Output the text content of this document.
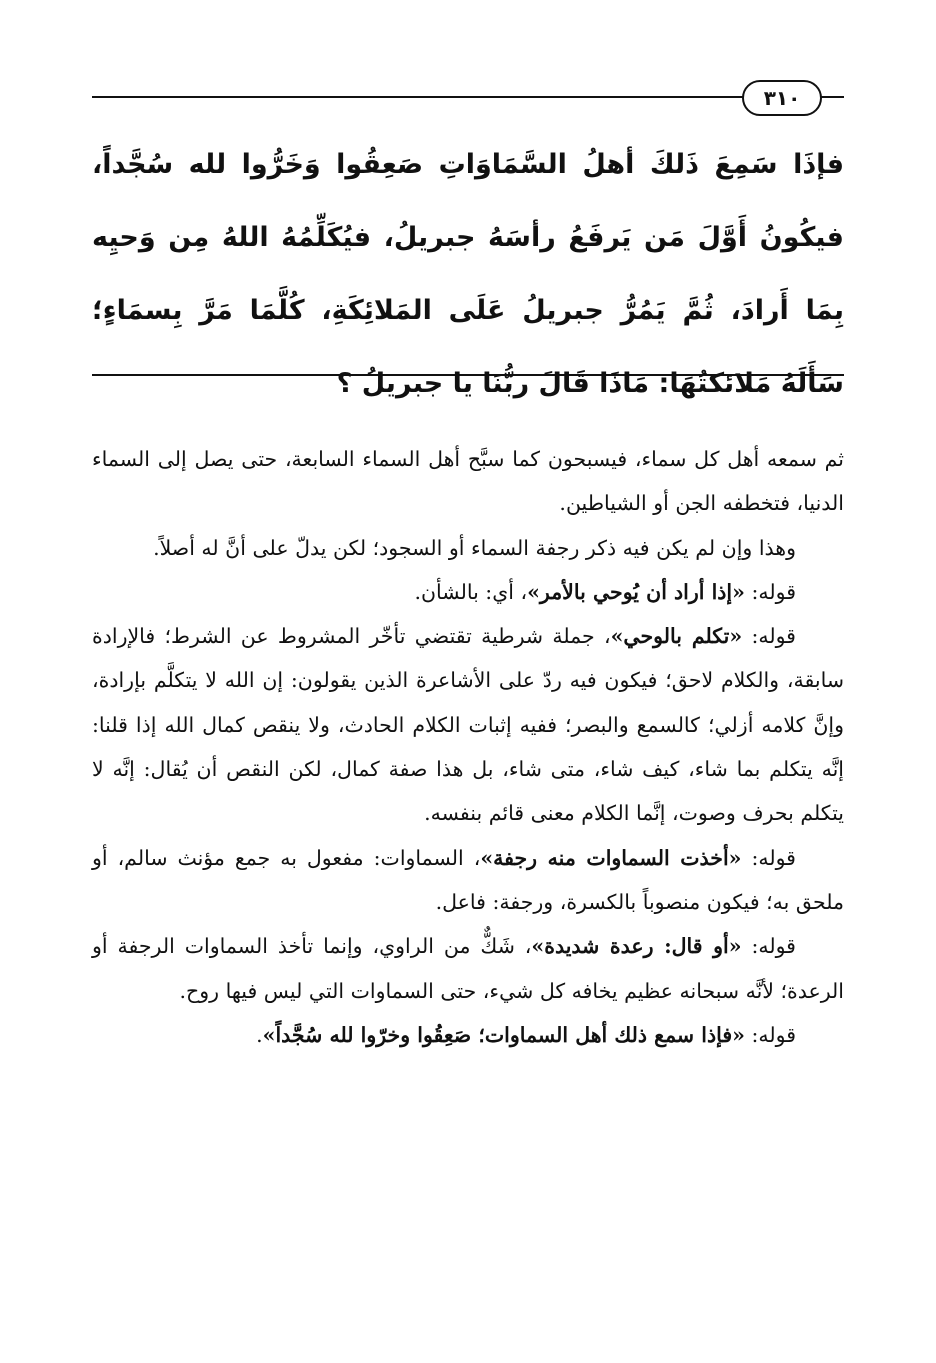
٣١٠
فإذَا سَمِعَ ذَلكَ أهلُ السَّمَاوَاتِ صَعِقُوا وَخَرُّوا لله سُجَّداً، فيكُونُ أَوَّلَ مَن يَرفَعُ رأسَهُ جبريلُ، فيُكَلِّمُهُ اللهُ مِن وَحيِه بِمَا أَرادَ، ثُمَّ يَمُرُّ جبريلُ عَلَى المَلائِكَةِ، كُلَّمَا مَرَّ بِسمَاءٍ؛ سَأَلَهُ مَلائكتُهَا: مَاذَا قَالَ ربُّنَا يا جبريلُ ؟

ثم سمعه أهل كل سماء، فيسبحون كما سبَّح أهل السماء السابعة، حتى يصل إلى السماء الدنيا، فتخطفه الجن أو الشياطين.

وهذا وإن لم يكن فيه ذكر رجفة السماء أو السجود؛ لكن يدلّ على أنَّ له أصلاً.

قوله: «إذا أراد أن يُوحي بالأمر»، أي: بالشأن.

قوله: «تكلم بالوحي»، جملة شرطية تقتضي تأخّر المشروط عن الشرط؛ فالإرادة سابقة، والكلام لاحق؛ فيكون فيه ردّ على الأشاعرة الذين يقولون: إن الله لا يتكلَّم بإرادة، وإنَّ كلامه أزلي؛ كالسمع والبصر؛ ففيه إثبات الكلام الحادث، ولا ينقص كمال الله إذا قلنا: إنَّه يتكلم بما شاء، كيف شاء، متى شاء، بل هذا صفة كمال، لكن النقص أن يُقال: إنَّه لا يتكلم بحرف وصوت، إنَّما الكلام معنى قائم بنفسه.

قوله: «أخذت السماوات منه رجفة»، السماوات: مفعول به جمع مؤنث سالم، أو ملحق به؛ فيكون منصوباً بالكسرة، ورجفة: فاعل.

قوله: «أو قال: رعدة شديدة»، شَكٌّ من الراوي، وإنما تأخذ السماوات الرجفة أو الرعدة؛ لأنَّه سبحانه عظيم يخافه كل شيء، حتى السماوات التي ليس فيها روح.

قوله: «فإذا سمع ذلك أهل السماوات؛ صَعِقُوا وخرّوا لله سُجَّداً».
